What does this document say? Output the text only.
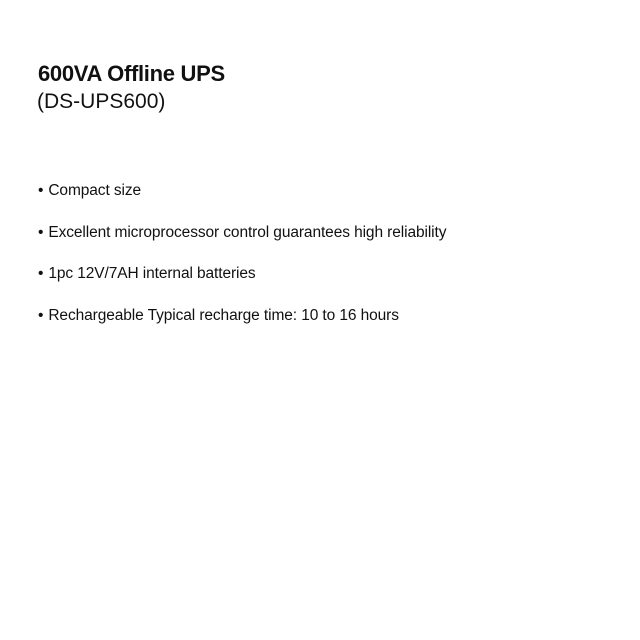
600VA Offline UPS
(DS-UPS600)
• Compact size
• Excellent microprocessor control guarantees high reliability
• 1pc 12V/7AH internal batteries
• Rechargeable Typical recharge time: 10 to 16 hours
